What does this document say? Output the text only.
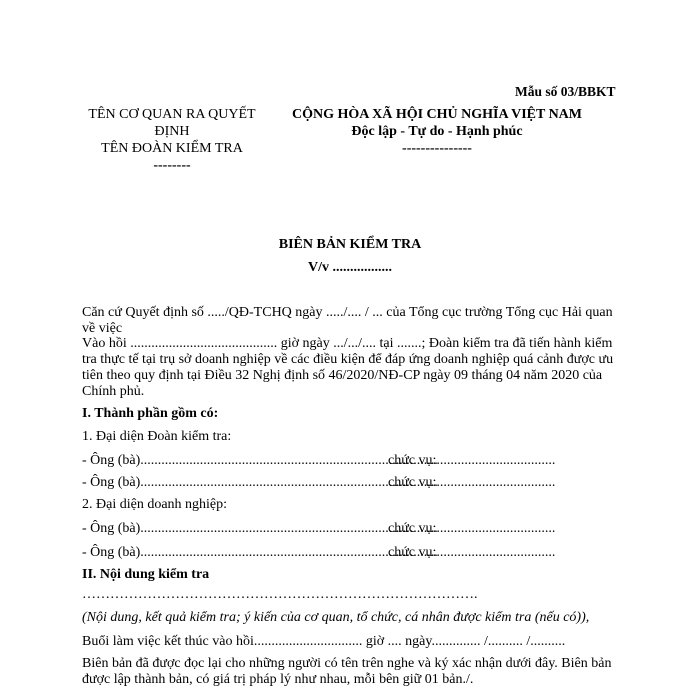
Mẫu số 03/BBKT
TÊN CƠ QUAN RA QUYẾT
ĐỊNH
TÊN ĐOÀN KIỂM TRA
--------
CỘNG HÒA XÃ HỘI CHỦ NGHĨA VIỆT NAM
Độc lập - Tự do - Hạnh phúc
---------------
BIÊN BẢN KIỂM TRA
V/v .................
Căn cứ Quyết định số ...../QĐ-TCHQ ngày ...../.... / ... của Tổng cục trường Tổng cục Hải quan
về việc
Vào hồi .......................................... giờ ngày .../.../.... tại .......; Đoàn kiểm tra đã tiến hành kiểm
tra thực tế tại trụ sở doanh nghiệp về các điều kiện để đáp ứng doanh nghiệp quá cảnh được ưu
tiên theo quy định tại Điều 32 Nghị định số 46/2020/NĐ-CP ngày 09 tháng 04 năm 2020 của
Chính phủ.
I. Thành phần gồm có:
1. Đại diện Đoàn kiểm tra:
- Ông (bà).....................................................................................
chức vụ:..................................
- Ông (bà).....................................................................................
chức vụ:..................................
2. Đại diện doanh nghiệp:
- Ông (bà).....................................................................................
chức vụ:..................................
- Ông (bà).....................................................................................
chức vụ:..................................
II. Nội dung kiểm tra
………………………………………………………………………….
(Nội dung, kết quả kiểm tra; ý kiến của cơ quan, tổ chức, cá nhân được kiểm tra (nếu có)),
Buổi làm việc kết thúc vào hồi............................... giờ .... ngày.............. /.......... /..........
Biên bản đã được đọc lại cho những người có tên trên nghe và ký xác nhận dưới đây. Biên bản
được lập thành bản, có giá trị pháp lý như nhau, mỗi bên giữ 01 bản./.
